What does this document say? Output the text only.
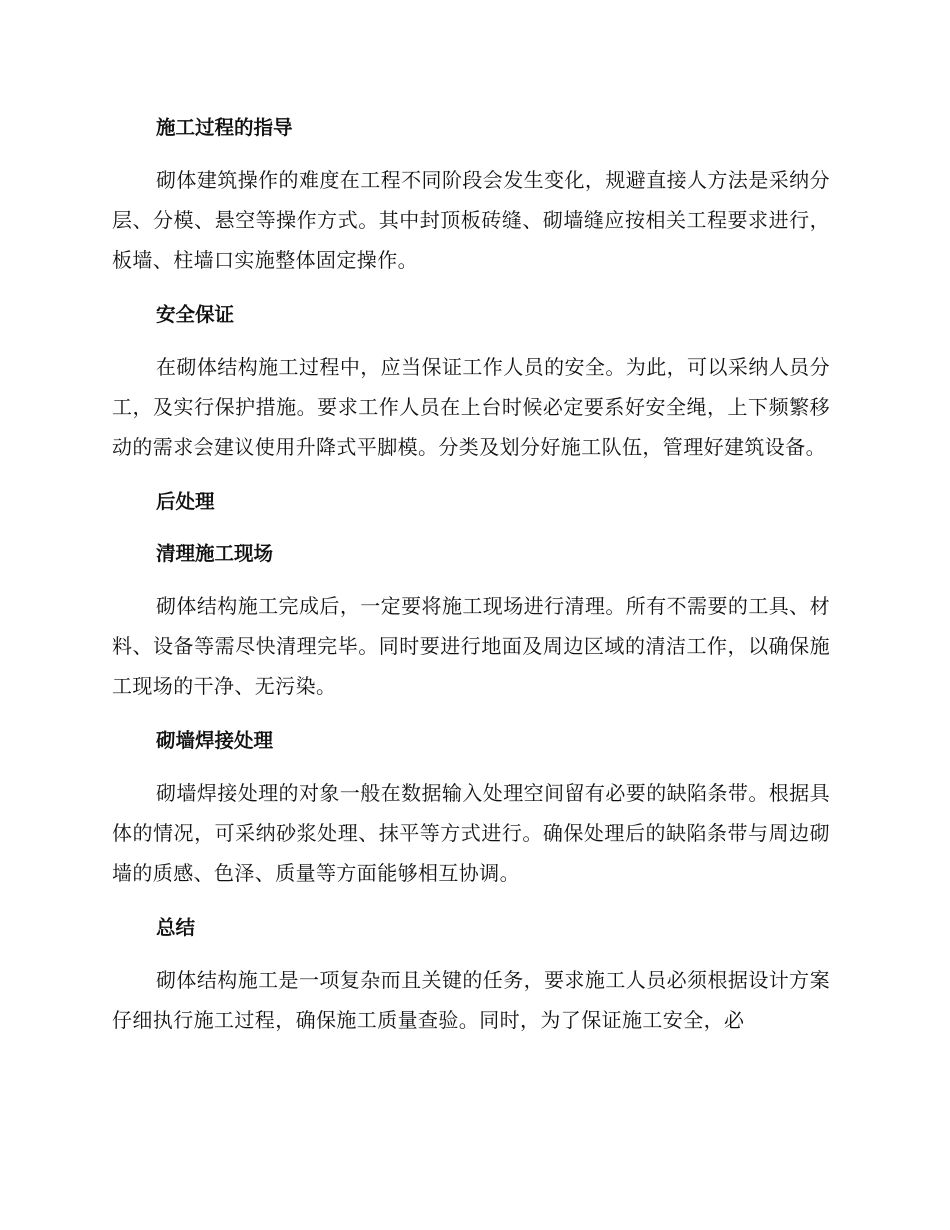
施工过程的指导

砌体建筑操作的难度在工程不同阶段会发生变化，规避直接人方法是采纳分层、分模、悬空等操作方式。其中封顶板砖缝、砌墙缝应按相关工程要求进行，板墙、柱墙口实施整体固定操作。

安全保证

在砌体结构施工过程中，应当保证工作人员的安全。为此，可以采纳人员分工，及实行保护措施。要求工作人员在上台时候必定要系好安全绳，上下频繁移动的需求会建议使用升降式平脚模。分类及划分好施工队伍，管理好建筑设备。

后处理
清理施工现场

砌体结构施工完成后，一定要将施工现场进行清理。所有不需要的工具、材料、设备等需尽快清理完毕。同时要进行地面及周边区域的清洁工作，以确保施工现场的干净、无污染。

砌墙焊接处理

砌墙焊接处理的对象一般在数据输入处理空间留有必要的缺陷条带。根据具体的情况，可采纳砂浆处理、抹平等方式进行。确保处理后的缺陷条带与周边砌墙的质感、色泽、质量等方面能够相互协调。

总结

砌体结构施工是一项复杂而且关键的任务，要求施工人员必须根据设计方案仔细执行施工过程，确保施工质量查验。同时，为了保证施工安全，必
